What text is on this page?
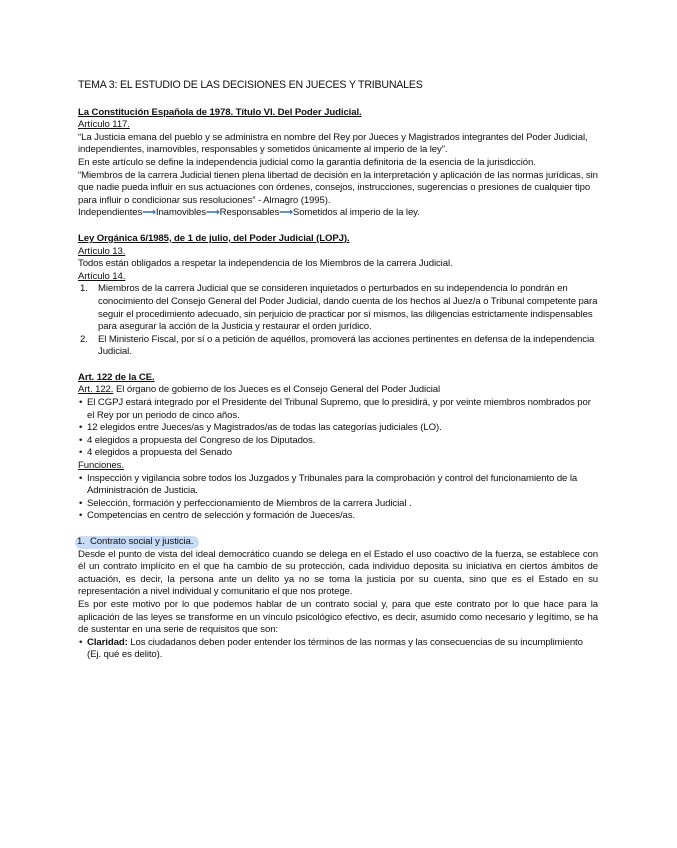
TEMA 3: EL ESTUDIO DE LAS DECISIONES EN JUECES Y TRIBUNALES
La Constitución Española de 1978. Título VI. Del Poder Judicial.
Artículo 117.
“La Justicia emana del pueblo y se administra en nombre del Rey por Jueces y Magistrados integrantes del Poder Judicial, independientes, inamovibles, responsables y sometidos únicamente al imperio de la ley”.
En este artículo se define la independencia judicial como la garantía definitoria de la esencia de la jurisdicción.
“Miembros de la carrera Judicial tienen plena libertad de decisión en la interpretación y aplicación de las normas jurídicas, sin que nadie pueda influir en sus actuaciones con órdenes, consejos, instrucciones, sugerencias o presiones de cualquier tipo para influir o condicionar sus resoluciones” - Almagro (1995).
Independientes⟶Inamovibles⟶Responsables⟶Sometidos al imperio de la ley.
Ley Orgánica 6/1985, de 1 de julio, del Poder Judicial (LOPJ).
Artículo 13.
Todos están obligados a respetar la independencia de los Miembros de la carrera Judicial.
Artículo 14.
1. Miembros de la carrera Judicial que se consideren inquietados o perturbados en su independencia lo pondrán en conocimiento del Consejo General del Poder Judicial, dando cuenta de los hechos al Juez/a o Tribunal competente para seguir el procedimiento adecuado, sin perjuicio de practicar por sí mismos, las diligencias estrictamente indispensables para asegurar la acción de la Justicia y restaurar el orden jurídico.
2. El Ministerio Fiscal, por sí o a petición de aquéllos, promoverá las acciones pertinentes en defensa de la independencia Judicial.
Art. 122 de la CE.
Art. 122. El órgano de gobierno de los Jueces es el Consejo General del Poder Judicial
• El CGPJ estará integrado por el Presidente del Tribunal Supremo, que lo presidirá, y por veinte miembros nombrados por el Rey por un periodo de cinco años.
• 12 elegidos entre Jueces/as y Magistrados/as de todas las categorías judiciales (LO).
• 4 elegidos a propuesta del Congreso de los Diputados.
• 4 elegidos a propuesta del Senado
Funciones.
• Inspección y vigilancia sobre todos los Juzgados y Tribunales para la comprobación y control del funcionamiento de la Administración de Justicia.
• Selección, formación y perfeccionamiento de Miembros de la carrera Judicial .
• Competencias en centro de selección y formación de Jueces/as.
1. Contrato social y justicia.
Desde el punto de vista del ideal democrático cuando se delega en el Estado el uso coactivo de la fuerza, se establece con él un contrato implícito en el que ha cambio de su protección, cada individuo deposita su iniciativa en ciertos ámbitos de actuación, es decir, la persona ante un delito ya no se toma la justicia por su cuenta, sino que es el Estado en su representación a nivel individual y comunitario el que nos protege.
Es por este motivo por lo que podemos hablar de un contrato social y, para que este contrato por lo que hace para la aplicación de las leyes se transforme en un vínculo psicológico efectivo, es decir, asumido como necesario y legítimo, se ha de sustentar en una serie de requisitos que son:
• Claridad: Los ciudadanos deben poder entender los términos de las normas y las consecuencias de su incumplimiento (Ej. qué es delito).
